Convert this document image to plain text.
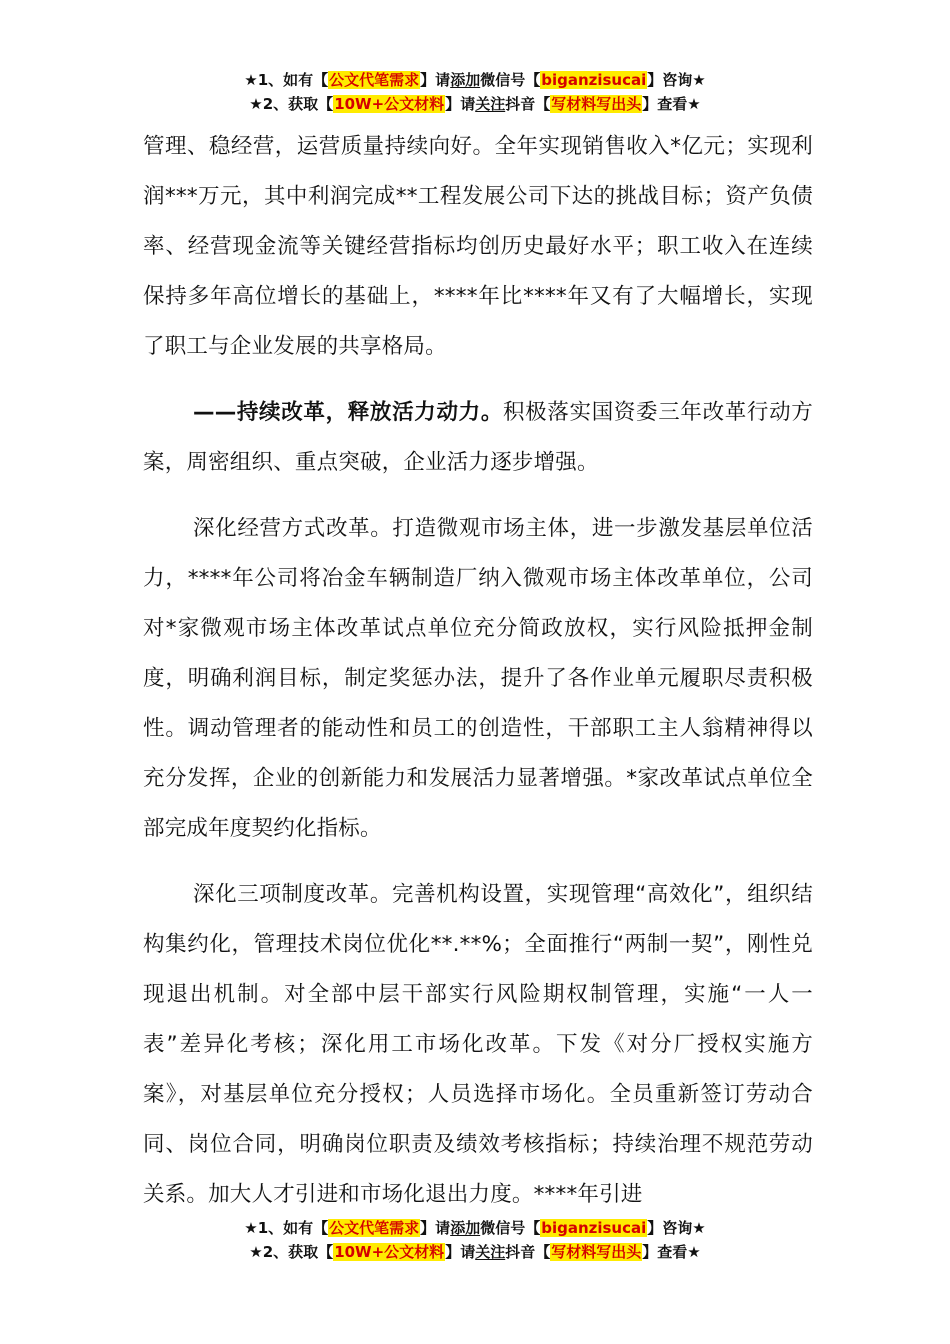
★1、如有【公文代笔需求】请添加微信号【biganzisucai】咨询★
★2、获取【10W+公文材料】请关注抖音【写材料写出头】查看★

管理、稳经营，运营质量持续向好。全年实现销售收入*亿元；实现利润***万元，其中利润完成**工程发展公司下达的挑战目标；资产负债率、经营现金流等关键经营指标均创历史最好水平；职工收入在连续保持多年高位增长的基础上，****年比****年又有了大幅增长，实现了职工与企业发展的共享格局。

——持续改革，释放活力动力。积极落实国资委三年改革行动方案，周密组织、重点突破，企业活力逐步增强。

深化经营方式改革。打造微观市场主体，进一步激发基层单位活力，****年公司将冶金车辆制造厂纳入微观市场主体改革单位，公司对*家微观市场主体改革试点单位充分简政放权，实行风险抵押金制度，明确利润目标，制定奖惩办法，提升了各作业单元履职尽责积极性。调动管理者的能动性和员工的创造性，干部职工主人翁精神得以充分发挥，企业的创新能力和发展活力显著增强。*家改革试点单位全部完成年度契约化指标。

深化三项制度改革。完善机构设置，实现管理“高效化”，组织结构集约化，管理技术岗位优化**.**%；全面推行“两制一契”，刚性兑现退出机制。对全部中层干部实行风险期权制管理，实施“一人一表”差异化考核；深化用工市场化改革。下发《对分厂授权实施方案》，对基层单位充分授权；人员选择市场化。全员重新签订劳动合同、岗位合同，明确岗位职责及绩效考核指标；持续治理不规范劳动关系。加大人才引进和市场化退出力度。****年引进

★1、如有【公文代笔需求】请添加微信号【biganzisucai】咨询★
★2、获取【10W+公文材料】请关注抖音【写材料写出头】查看★
